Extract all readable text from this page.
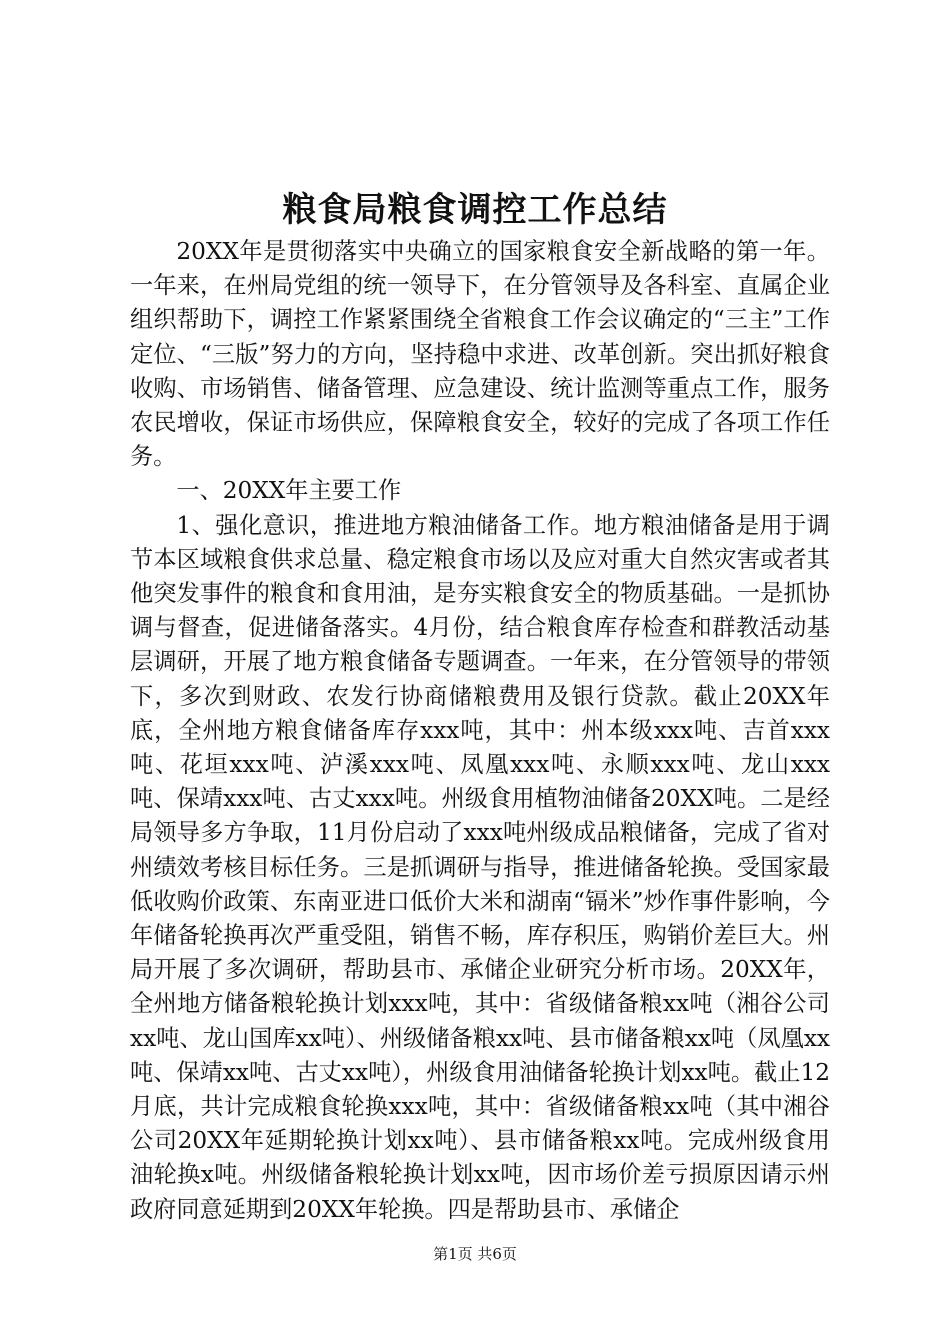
粮食局粮食调控工作总结

20XX年是贯彻落实中央确立的国家粮食安全新战略的第一年。一年来，在州局党组的统一领导下，在分管领导及各科室、直属企业组织帮助下，调控工作紧紧围绕全省粮食工作会议确定的“三主”工作定位、“三版”努力的方向，坚持稳中求进、改革创新。突出抓好粮食收购、市场销售、储备管理、应急建设、统计监测等重点工作，服务农民增收，保证市场供应，保障粮食安全，较好的完成了各项工作任务。

一、20XX年主要工作

1、强化意识，推进地方粮油储备工作。地方粮油储备是用于调节本区域粮食供求总量、稳定粮食市场以及应对重大自然灾害或者其他突发事件的粮食和食用油，是夯实粮食安全的物质基础。一是抓协调与督查，促进储备落实。4月份，结合粮食库存检查和群教活动基层调研，开展了地方粮食储备专题调查。一年来，在分管领导的带领下，多次到财政、农发行协商储粮费用及银行贷款。截止20XX年底，全州地方粮食储备库存xxx吨，其中：州本级xxx吨、吉首xxx吨、花垣xxx吨、泸溪xxx吨、凤凰xxx吨、永顺xxx吨、龙山xxx吨、保靖xxx吨、古丈xxx吨。州级食用植物油储备20XX吨。二是经局领导多方争取，11月份启动了xxx吨州级成品粮储备，完成了省对州绩效考核目标任务。三是抓调研与指导，推进储备轮换。受国家最低收购价政策、东南亚进口低价大米和湖南“镉米”炒作事件影响，今年储备轮换再次严重受阻，销售不畅，库存积压，购销价差巨大。州局开展了多次调研，帮助县市、承储企业研究分析市场。20XX年，全州地方储备粮轮换计划xxx吨，其中：省级储备粮xx吨（湘谷公司xx吨、龙山国库xx吨）、州级储备粮xx吨、县市储备粮xx吨（凤凰xx吨、保靖xx吨、古丈xx吨），州级食用油储备轮换计划xx吨。截止12月底，共计完成粮食轮换xxx吨，其中：省级储备粮xx吨（其中湘谷公司20XX年延期轮换计划xx吨）、县市储备粮xx吨。完成州级食用油轮换x吨。州级储备粮轮换计划xx吨，因市场价差亏损原因请示州政府同意延期到20XX年轮换。四是帮助县市、承储企

第1页 共6页
